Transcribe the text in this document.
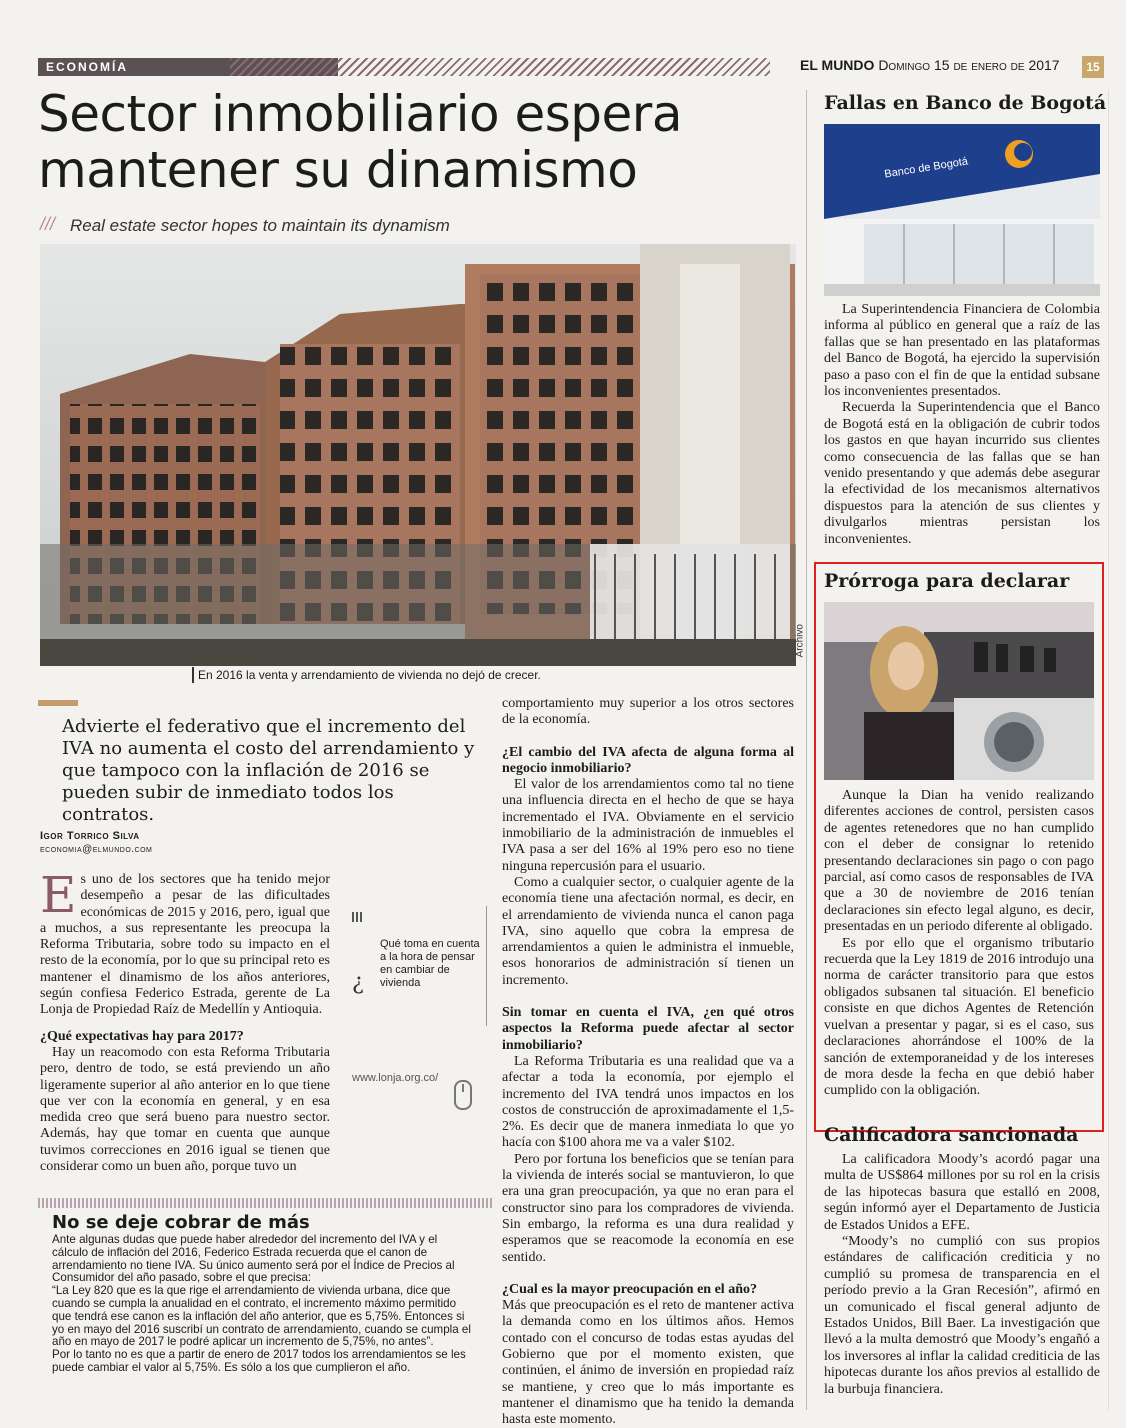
ECONOMÍA	EL MUNDO Domingo 15 de enero de 2017	15
Sector inmobiliario espera
mantener su dinamismo
/// Real estate sector hopes to maintain its dynamism
Archivo
En 2016 la venta y arrendamiento de vivienda no dejó de crecer.
Advierte el federativo que el incremento del IVA no aumenta el costo del arrendamiento y que tampoco con la inflación de 2016 se pueden subir de inmediato todos los contratos.
Igor Torrico Silva
economia@elmundo.com

Es uno de los sectores que ha tenido mejor desempeño a pesar de las dificultades económicas de 2015 y 2016, pero, igual que a muchos, a sus representante les preocupa la Reforma Tributaria, sobre todo su impacto en el resto de la economía, por lo que su principal reto es mantener el dinamismo de los años anteriores, según confiesa Federico Estrada, gerente de La Lonja de Propiedad Raíz de Medellín y Antioquia.

¿Qué expectativas hay para 2017?

Hay un reacomodo con esta Reforma Tributaria pero, dentro de todo, se está previendo un año ligeramente superior al año anterior en lo que tiene que ver con la economía en general, y en esa medida creo que será bueno para nuestro sector. Además, hay que tomar en cuenta que aunque tuvimos correcciones en 2016 igual se tienen que considerar como un buen año, porque tuvo un

¿
Qué toma en cuenta a la hora de pensar en cambiar de vivienda
www.lonja.org.co/

comportamiento muy superior a los otros sectores de la economía.

¿El cambio del IVA afecta de alguna forma al negocio inmobiliario?

El valor de los arrendamientos como tal no tiene una influencia directa en el hecho de que se haya incrementado el IVA. Obviamente en el servicio inmobiliario de la administración de inmuebles el IVA pasa a ser del 16% al 19% pero eso no tiene ninguna repercusión para el usuario.

Como a cualquier sector, o cualquier agente de la economía tiene una afectación normal, es decir, en el arrendamiento de vivienda nunca el canon paga IVA, sino aquello que cobra la empresa de arrendamientos a quien le administra el inmueble, esos honorarios de administración sí tienen un incremento.

Sin tomar en cuenta el IVA, ¿en qué otros aspectos la Reforma puede afectar al sector inmobiliario?

La Reforma Tributaria es una realidad que va a afectar a toda la economía, por ejemplo el incremento del IVA tendrá unos impactos en los costos de construcción de aproximadamente el 1,5-2%. Es decir que de manera inmediata lo que yo hacía con $100 ahora me va a valer $102.

Pero por fortuna los beneficios que se tenían para la vivienda de interés social se mantuvieron, lo que era una gran preocupación, ya que no eran para el constructor sino para los compradores de vivienda. Sin embargo, la reforma es una dura realidad y esperamos que se reacomode la economía en ese sentido.

¿Cual es la mayor preocupación en el año?

Más que preocupación es el reto de mantener activa la demanda como en los últimos años. Hemos contado con el concurso de todas estas ayudas del Gobierno que por el momento existen, que continúen, el ánimo de inversión en propiedad raíz se mantiene, y creo que lo más importante es mantener el dinamismo que ha tenido la demanda hasta este momento.

No se deje cobrar de más

Ante algunas dudas que puede haber alrededor del incremento del IVA y el cálculo de inflación del 2016, Federico Estrada recuerda que el canon de arrendamiento no tiene IVA. Su único aumento será por el Índice de Precios al Consumidor del año pasado, sobre el que precisa:

“La Ley 820 que es la que rige el arrendamiento de vivienda urbana, dice que cuando se cumpla la anualidad en el contrato, el incremento máximo permitido que tendrá ese canon es la inflación del año anterior, que es 5,75%. Entonces si yo en mayo del 2016 suscribí un contrato de arrendamiento, cuando se cumpla el año en mayo de 2017 le podré aplicar un incremento de 5,75%, no antes”.

Por lo tanto no es que a partir de enero de 2017 todos los arrendamientos se les puede cambiar el valor al 5,75%. Es sólo a los que cumplieron el año.

Fallas en Banco de Bogotá
Banco de Bogotá

La Superintendencia Financiera de Colombia informa al público en general que a raíz de las fallas que se han presentado en las plataformas del Banco de Bogotá, ha ejercido la supervisión paso a paso con el fin de que la entidad subsane los inconvenientes presentados.

Recuerda la Superintendencia que el Banco de Bogotá está en la obligación de cubrir todos los gastos en que hayan incurrido sus clientes como consecuencia de las fallas que se han venido presentando y que además debe asegurar la efectividad de los mecanismos alternativos dispuestos para la atención de sus clientes y divulgarlos mientras persistan los inconvenientes.

Prórroga para declarar

Aunque la Dian ha venido realizando diferentes acciones de control, persisten casos de agentes retenedores que no han cumplido con el deber de consignar lo retenido presentando declaraciones sin pago o con pago parcial, así como casos de responsables de IVA que a 30 de noviembre de 2016 tenían declaraciones sin efecto legal alguno, es decir, presentadas en un periodo diferente al obligado.

Es por ello que el organismo tributario recuerda que la Ley 1819 de 2016 introdujo una norma de carácter transitorio para que estos obligados subsanen tal situación. El beneficio consiste en que dichos Agentes de Retención vuelvan a presentar y pagar, si es el caso, sus declaraciones ahorrándose el 100% de la sanción de extemporaneidad y de los intereses de mora desde la fecha en que debió haber cumplido con la obligación.

Calificadora sancionada

La calificadora Moody’s acordó pagar una multa de US$864 millones por su rol en la crisis de las hipotecas basura que estalló en 2008, según informó ayer el Departamento de Justicia de Estados Unidos a EFE.

“Moody’s no cumplió con sus propios estándares de calificación crediticia y no cumplió su promesa de transparencia en el período previo a la Gran Recesión”, afirmó en un comunicado el fiscal general adjunto de Estados Unidos, Bill Baer. La investigación que llevó a la multa demostró que Moody’s engañó a los inversores al inflar la calidad crediticia de las hipotecas durante los años previos al estallido de la burbuja financiera.
